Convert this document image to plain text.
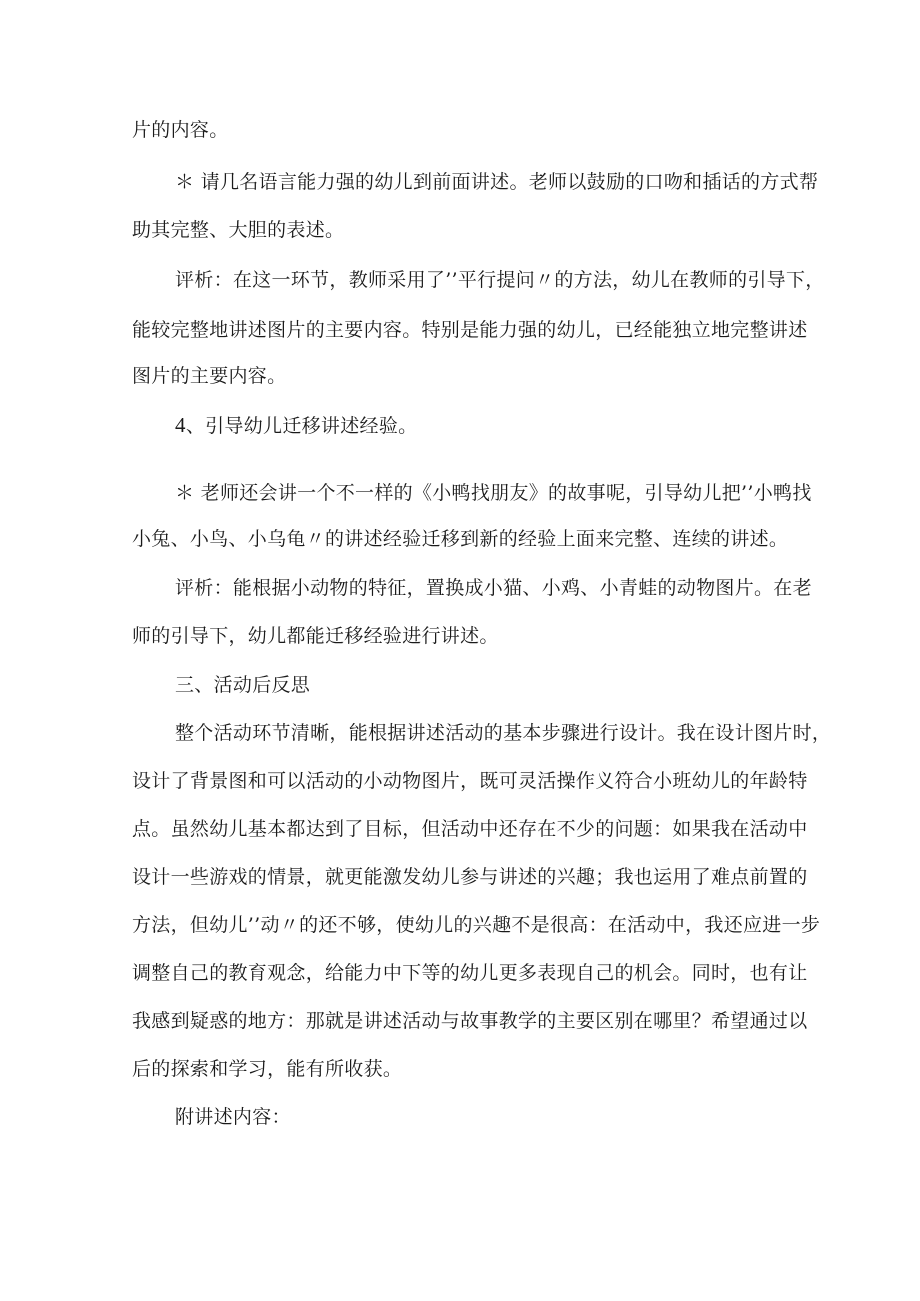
片的内容。
＊ 请几名语言能力强的幼儿到前面讲述。老师以鼓励的口吻和插话的方式帮
助其完整、大胆的表述。
评析：在这一环节，教师采用了’’平行提问〃的方法，幼儿在教师的引导下，
能较完整地讲述图片的主要内容。特别是能力强的幼儿，已经能独立地完整讲述
图片的主要内容。
4、引导幼儿迁移讲述经验。
＊ 老师还会讲一个不一样的《小鸭找朋友》的故事呢，引导幼儿把’’小鸭找
小兔、小鸟、小乌龟〃的讲述经验迁移到新的经验上面来完整、连续的讲述。
评析：能根据小动物的特征，置换成小猫、小鸡、小青蛙的动物图片。在老
师的引导下，幼儿都能迁移经验进行讲述。
三、活动后反思
整个活动环节清晰，能根据讲述活动的基本步骤进行设计。我在设计图片时，
设计了背景图和可以活动的小动物图片，既可灵活操作义符合小班幼儿的年龄特
点。虽然幼儿基本都达到了目标，但活动中还存在不少的问题：如果我在活动中
设计一些游戏的情景，就更能激发幼儿参与讲述的兴趣；我也运用了难点前置的
方法，但幼儿’’动〃的还不够，使幼儿的兴趣不是很高：在活动中，我还应进一步
调整自己的教育观念，给能力中下等的幼儿更多表现自己的机会。同时，也有让
我感到疑惑的地方：那就是讲述活动与故事教学的主要区别在哪里？希望通过以
后的探索和学习，能有所收获。
附讲述内容：
